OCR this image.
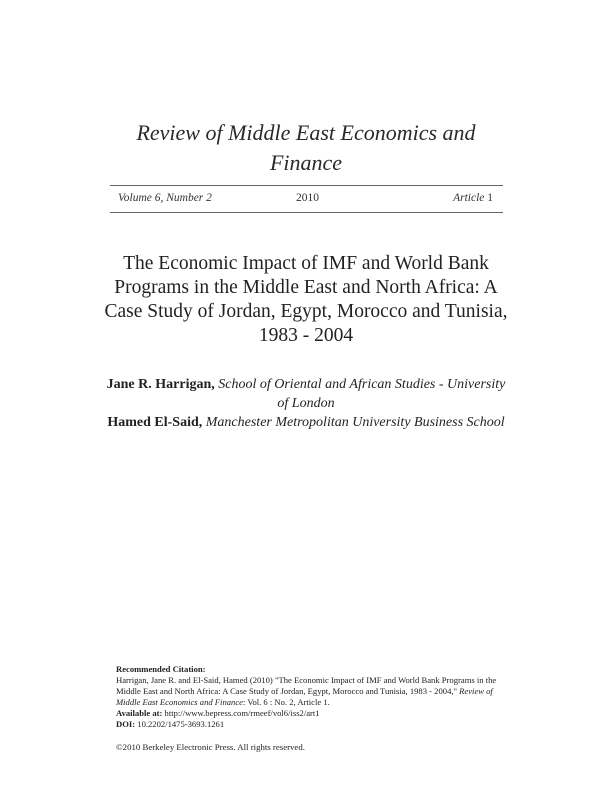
Review of Middle East Economics and Finance
Volume 6, Number 2	2010	Article 1
The Economic Impact of IMF and World Bank Programs in the Middle East and North Africa: A Case Study of Jordan, Egypt, Morocco and Tunisia, 1983 - 2004
Jane R. Harrigan, School of Oriental and African Studies - University of London
Hamed El-Said, Manchester Metropolitan University Business School
Recommended Citation:
Harrigan, Jane R. and El-Said, Hamed (2010) "The Economic Impact of IMF and World Bank Programs in the Middle East and North Africa: A Case Study of Jordan, Egypt, Morocco and Tunisia, 1983 - 2004," Review of Middle East Economics and Finance: Vol. 6 : No. 2, Article 1.
Available at: http://www.bepress.com/rmeef/vol6/iss2/art1
DOI: 10.2202/1475-3693.1261
©2010 Berkeley Electronic Press. All rights reserved.
